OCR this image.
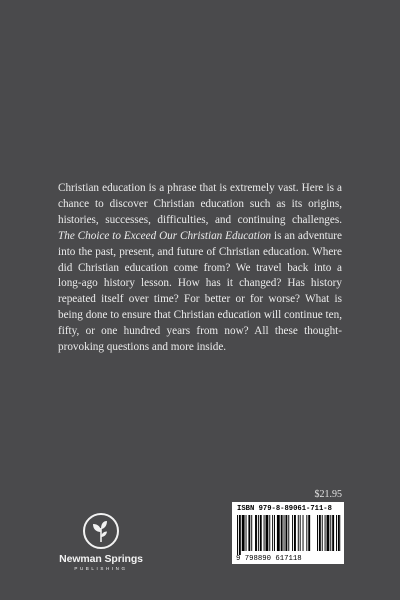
Christian education is a phrase that is extremely vast. Here is a chance to discover Christian education such as its origins, histories, successes, difficulties, and continuing challenges. The Choice to Exceed Our Christian Education is an adventure into the past, present, and future of Christian education. Where did Christian education come from? We travel back into a long-ago history lesson. How has it changed? Has history repeated itself over time? For better or for worse? What is being done to ensure that Christian education will continue ten, fifty, or one hundred years from now? All these thought-provoking questions and more inside.

Newman Springs
PUBLISHING
$21.95
ISBN 979-8-89061-711-8
9 798890 617118
